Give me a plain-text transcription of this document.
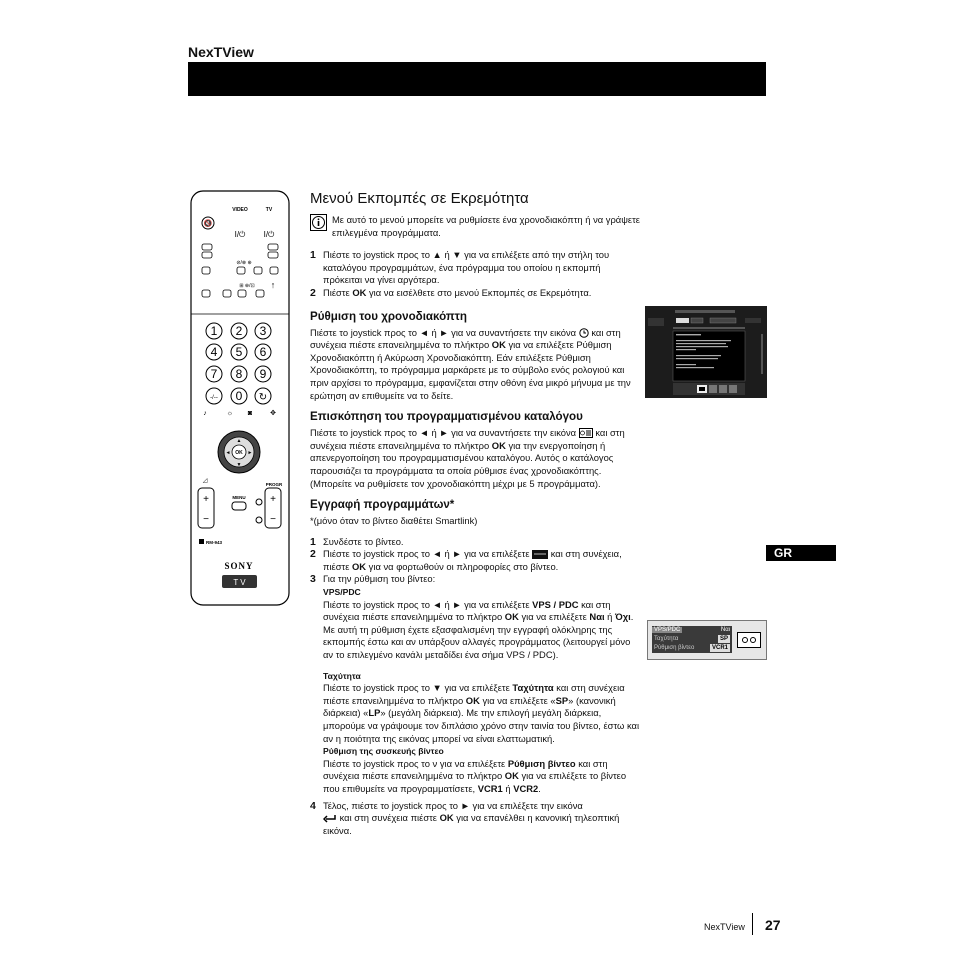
NexTView
VIDEO	TV
🔇
I/⏻ I/⏻
⊘/⊗ ⊕
⊞ ⊕/⊡ ↑
1 2 3
4 5 6
7 8 9
-/-- 0 ↻
♪	☼ ◙	✥
OK
▲
▼
◄	►
◿
PROGR
+
−
+
−
MENU
RM-943
SONY
T V
Μενού Εκπομπές σε Εκρεμότητα

Με αυτό το μενού μπορείτε να ρυθμίσετε ένα χρονοδιακόπτη ή να γράψετε επιλεγμένα προγράμματα.

1 Πιέστε το joystick προς το ▲ ή ▼ για να επιλέξετε από την στήλη του καταλόγου προγραμμάτων, ένα πρόγραμμα του οποίου η εκπομπή πρόκειται να γίνει αργότερα.

2 Πιέστε OK για να εισέλθετε στο μενού Εκπομπές σε Εκρεμότητα.

Ρύθμιση του χρονοδιακόπτη

Πιέστε το joystick προς το ◄ ή ► για να συναντήσετε την εικόνα και στη συνέχεια πιέστε επανειλημμένα το πλήκτρο OK για να επιλέξετε Ρύθμιση Χρονοδιακόπτη ή Ακύρωση Χρονοδιακόπτη. Εάν επιλέξετε Ρύθμιση Χρονοδιακόπτη, το πρόγραμμα μαρκάρετε με το σύμβολο ενός ρολογιού και πριν αρχίσει το πρόγραμμα, εμφανίζεται στην οθόνη ένα μικρό μήνυμα με την ερώτηση αν επιθυμείτε να το δείτε.

Επισκόπηση του προγραμματισμένου καταλόγου

Πιέστε το joystick προς το ◄ ή ► για να συναντήσετε την εικόνα και στη συνέχεια πιέστε επανειλημμένα το πλήκτρο OK για την ενεργοποίηση ή απενεργοποίηση του προγραμματισμένου καταλόγου. Αυτός ο κατάλογος παρουσιάζει τα προγράμματα τα οποία ρύθμισε ένας χρονοδιακόπτης. (Μπορείτε να ρυθμίσετε τον χρονοδιακόπτη μέχρι με 5 προγράμματα).

Εγγραφή προγραμμάτων*

*(μόνο όταν το βίντεο διαθέτει Smartlink)

1 Συνδέστε το βίντεο.

2 Πιέστε το joystick προς το ◄ ή ► για να επιλέξετε και στη συνέχεια, πιέστε OK για να φορτωθούν οι πληροφορίες στο βίντεο.

3 Για την ρύθμιση του βίντεο:

VPS/PDC

Πιέστε το joystick προς το ◄ ή ► για να επιλέξετε VPS / PDC και στη συνέχεια πιέστε επανειλημμένα το πλήκτρο OK για να επιλέξετε Ναι ή Όχι. Με αυτή τη ρύθμιση έχετε εξασφαλισμένη την εγγραφή ολόκληρης της εκπομπής έστω και αν υπάρξουν αλλαγές προγράμματος (λειτουργεί μόνο αν το επιλεγμένο κανάλι μεταδίδει ένα σήμα VPS / PDC).

Ταχύτητα

Πιέστε το joystick προς το ▼ για να επιλέξετε Ταχύτητα και στη συνέχεια πιέστε επανειλημμένα το πλήκτρο OK για να επιλέξετε «SP» (κανονική διάρκεια) «LP» (μεγάλη διάρκεια). Με την επιλογή μεγάλη διάρκεια, μπορούμε να γράψουμε τον διπλάσιο χρόνο στην ταινία του βίντεο, έστω και αν η ποιότητα της εικόνας μπορεί να είναι ελαττωματική.

Ρύθμιση της συσκευής βίντεο

Πιέστε το joystick προς το ν για να επιλέξετε Ρύθμιση βίντεο και στη συνέχεια πιέστε επανειλημμένα το πλήκτρο OK για να επιλέξετε το βίντεο που επιθυμείτε να προγραμματίσετε, VCR1 ή VCR2.

4 Τέλος, πιέστε το joystick προς το ► για να επιλέξετε την εικόνα
και στη συνέχεια πιέστε OK για να επανέλθει η κανονική τηλεοπτική εικόνα.

VPS/PDC	Ναι
Ταχύτητα	SP
Ρύθμιση βίντεο	VCR1
GR
NexTView 27
